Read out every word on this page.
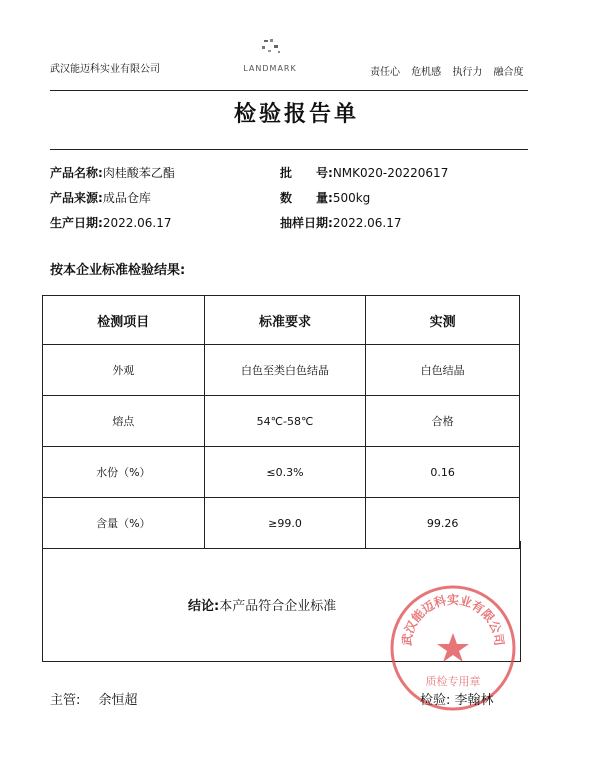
武汉能迈科实业有限公司	LANDMARK	责任心 危机感 执行力 融合度
检验报告单
产品名称:肉桂酸苯乙酯	批　　号:NMK020-20220617
产品来源:成品仓库	数　　量:500kg
生产日期:2022.06.17	抽样日期:2022.06.17
按本企业标准检验结果:
检测项目	标准要求	实测
外观	白色至类白色结晶	白色结晶
熔点	54℃-58℃	合格
水份（%）	≤0.3%	0.16
含量（%）	≥99.0	99.26
结论:本产品符合企业标准
武汉能迈科实业有限公司
质检专用章
主管: 余恒超	检验: 李翰林
